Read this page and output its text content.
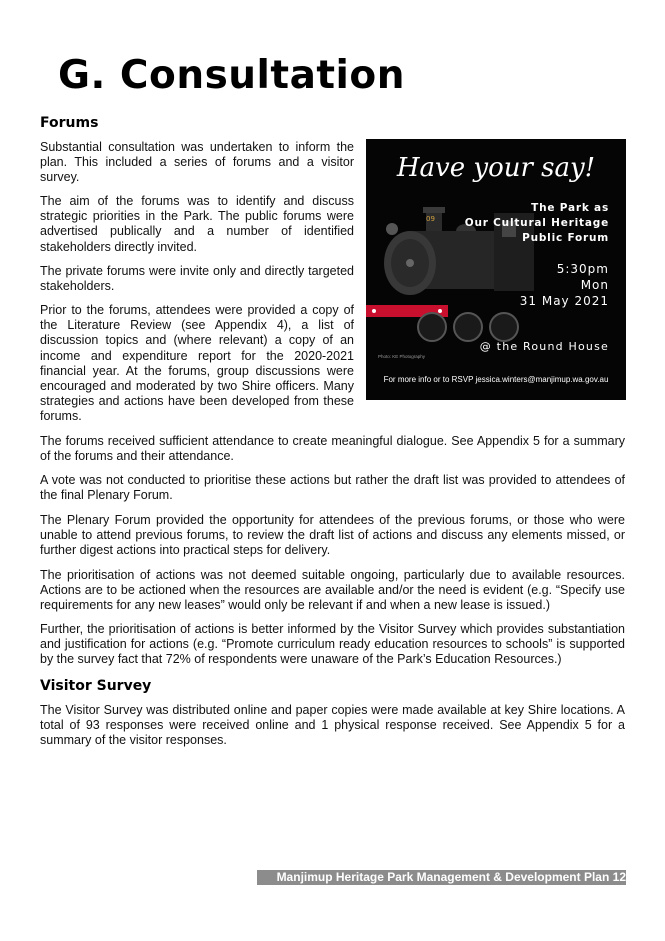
G. Consultation
Forums

Substantial consultation was undertaken to inform the plan. This included a series of forums and a visitor survey.

The aim of the forums was to identify and discuss strategic priorities in the Park. The public forums were advertised publically and a number of identified stakeholders directly invited.

The private forums were invite only and directly targeted stakeholders.

Prior to the forums, attendees were provided a copy of the Literature Review (see Appendix 4), a list of discussion topics and (where relevant) a copy of an income and expenditure report for the 2020-2021 financial year. At the forums, group discussions were encouraged and moderated by two Shire officers. Many strategies and actions have been developed from these forums.

The forums received sufficient attendance to create meaningful dialogue. See Appendix 5 for a summary of the forums and their attendance.

A vote was not conducted to prioritise these actions but rather the draft list was provided to attendees of the final Plenary Forum.

The Plenary Forum provided the opportunity for attendees of the previous forums, or those who were unable to attend previous forums, to review the draft list of actions and discuss any elements missed, or further digest actions into practical steps for delivery.

The prioritisation of actions was not deemed suitable ongoing, particularly due to available resources. Actions are to be actioned when the resources are available and/or the need is evident (e.g. “Specify use requirements for any new leases” would only be relevant if and when a new lease is issued.)

Further, the prioritisation of actions is better informed by the Visitor Survey which provides substantiation and justification for actions (e.g. “Promote curriculum ready education resources to schools” is supported by the survey fact that 72% of respondents were unaware of the Park’s Education Resources.)

09
Have your say!
The Park as
Our Cultural Heritage
Public Forum
5:30pm
Mon
31 May 2021
@ the Round House
Photo: KE Photography
For more info or to RSVP jessica.winters@manjimup.wa.gov.au
Visitor Survey

The Visitor Survey was distributed online and paper copies were made available at key Shire locations. A total of 93 responses were received online and 1 physical response received. See Appendix 5 for a summary of the visitor responses.

Manjimup Heritage Park Management & Development Plan 12
